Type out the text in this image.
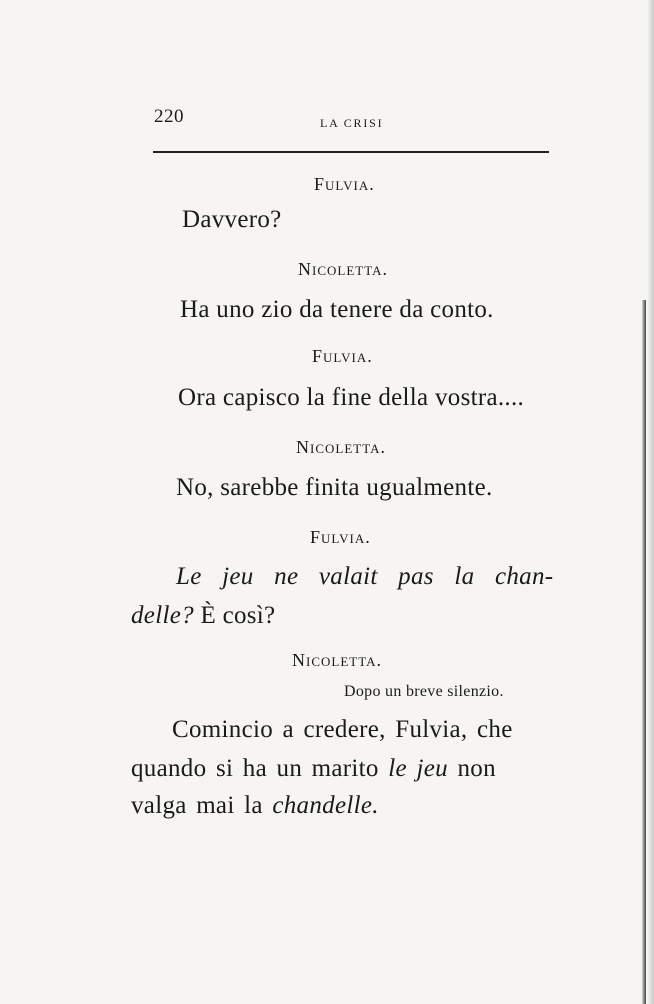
220	LA CRISI
Fulvia.
Davvero?
Nicoletta.
Ha uno zio da tenere da conto.
Fulvia.
Ora capisco la fine della vostra....
Nicoletta.
No, sarebbe finita ugualmente.
Fulvia.
Le jeu ne valait pas la chan-
delle? È così?
Nicoletta.
Dopo un breve silenzio.
Comincio a credere, Fulvia, che
quando si ha un marito le jeu non
valga mai la chandelle.
